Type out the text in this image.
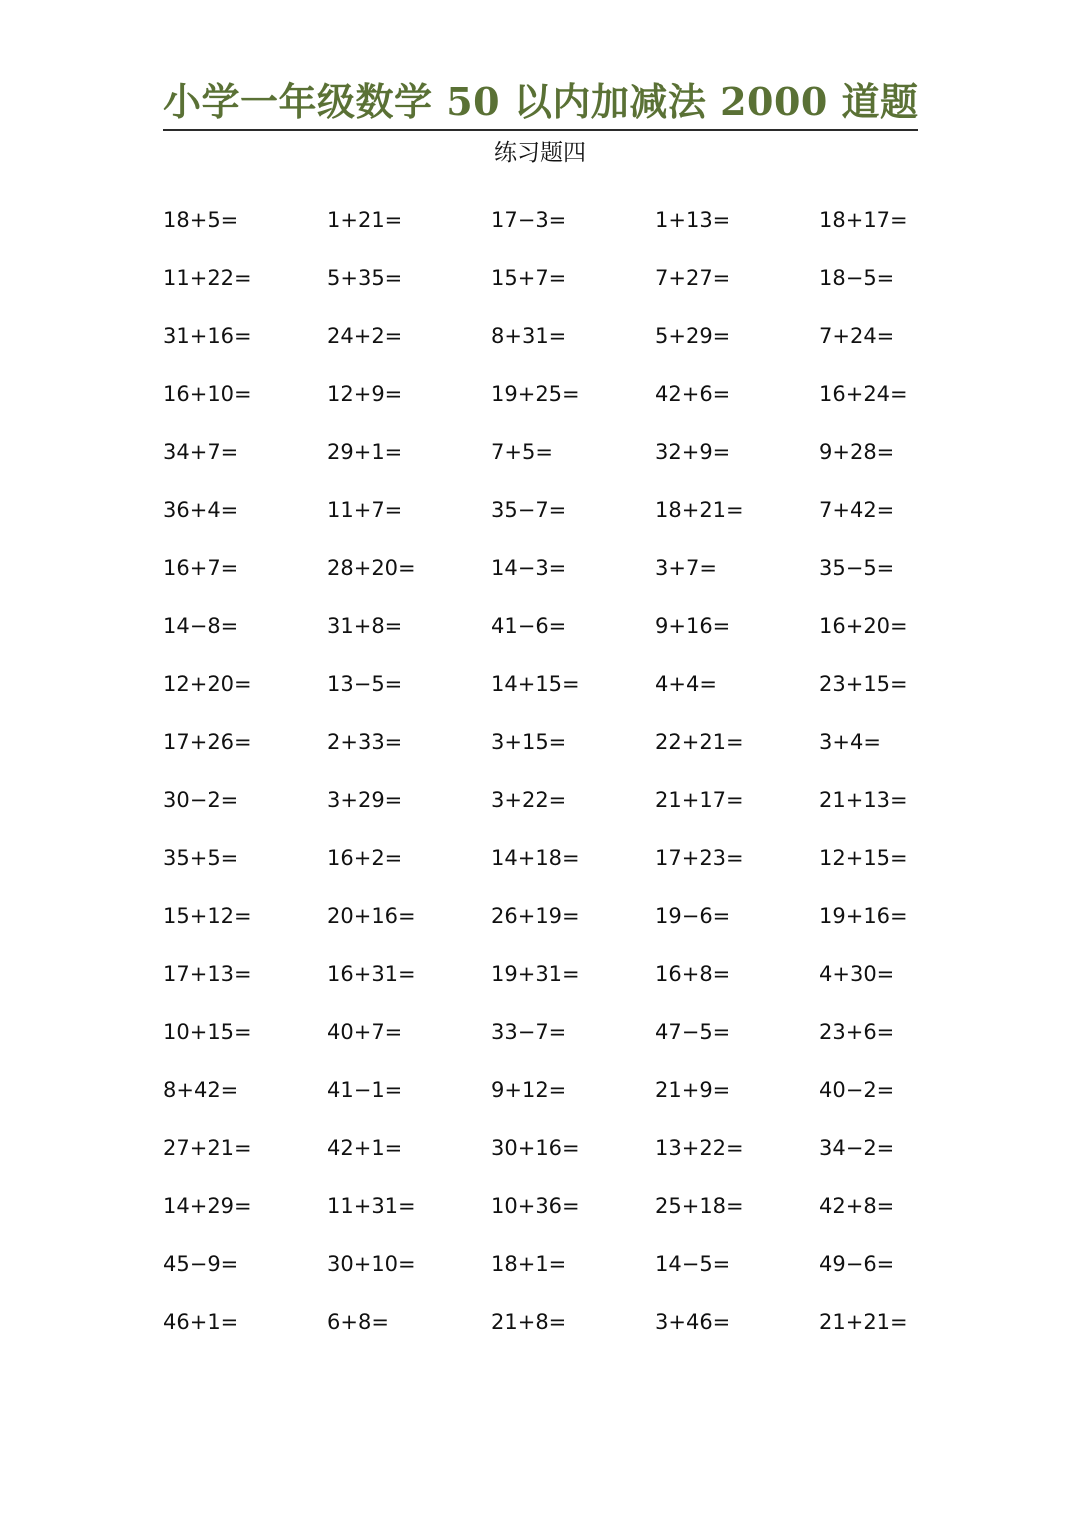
小学一年级数学 50 以内加减法 2000 道题
练习题四
18+5=	1+21=	17−3=	1+13=	18+17=
11+22=	5+35=	15+7=	7+27=	18−5=
31+16=	24+2=	8+31=	5+29=	7+24=
16+10=	12+9=	19+25=	42+6=	16+24=
34+7=	29+1=	7+5=	32+9=	9+28=
36+4=	11+7=	35−7=	18+21=	7+42=
16+7=	28+20=	14−3=	3+7=	35−5=
14−8=	31+8=	41−6=	9+16=	16+20=
12+20=	13−5=	14+15=	4+4=	23+15=
17+26=	2+33=	3+15=	22+21=	3+4=
30−2=	3+29=	3+22=	21+17=	21+13=
35+5=	16+2=	14+18=	17+23=	12+15=
15+12=	20+16=	26+19=	19−6=	19+16=
17+13=	16+31=	19+31=	16+8=	4+30=
10+15=	40+7=	33−7=	47−5=	23+6=
8+42=	41−1=	9+12=	21+9=	40−2=
27+21=	42+1=	30+16=	13+22=	34−2=
14+29=	11+31=	10+36=	25+18=	42+8=
45−9=	30+10=	18+1=	14−5=	49−6=
46+1=	6+8=	21+8=	3+46=	21+21=
